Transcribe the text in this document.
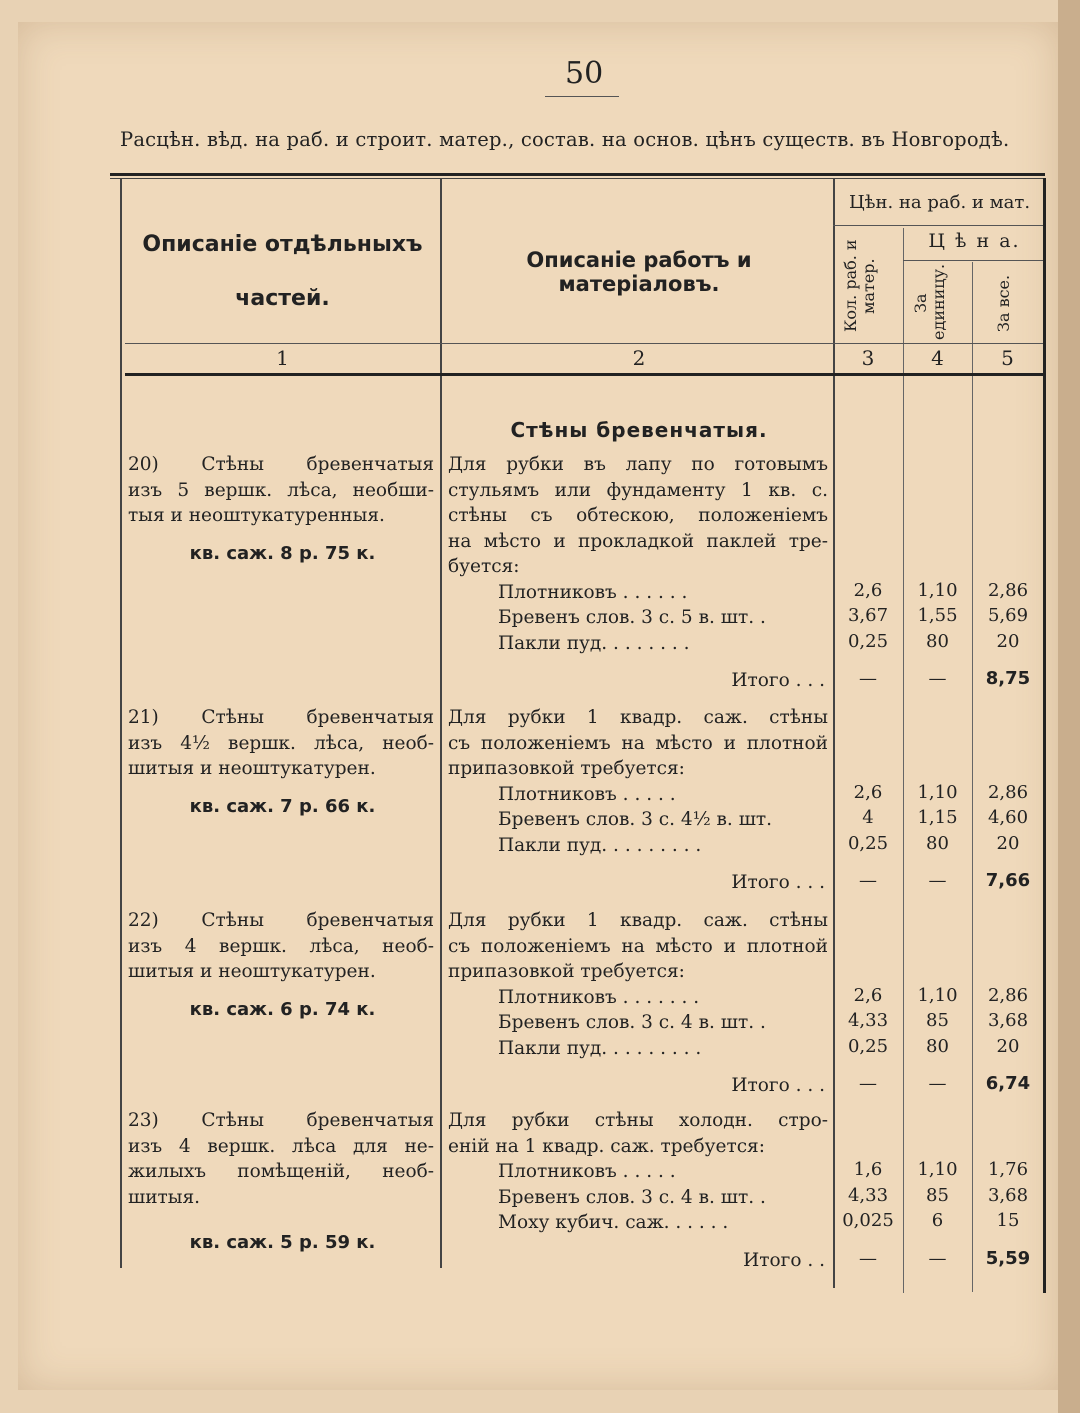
50
Расцѣн. вѣд. на раб. и строит. матер., состав. на основ. цѣнъ существ. въ Новгородѣ.
Описаніе отдѣльныхъ
частей.
Описаніе работъ и матеріаловъ.
Цѣн. на раб. и мат.
Ц ѣ н а.
Кол. раб. и матер.	За единицу.	За все.
1	2	3	4	5
Стѣны бревенчатыя.
20) Стѣны бревенчатыя
изъ 5 вершк. лѣса, необши-
тыя и неоштукатуренныя.
кв. саж. 8 р. 75 к.
Для рубки въ лапу по готовымъ
стульямъ или фундаменту 1 кв. с.
стѣны съ обтескою, положеніемъ
на мѣсто и прокладкой паклей тре-
буется:
Плотниковъ . . . . . .	2,6	1,10	2,86
Бревенъ слов. 3 с. 5 в. шт. .	3,67	1,55	5,69
Пакли пуд. . . . . . . .	0,25	80	20
Итого . . .	—	—	8,75
21) Стѣны бревенчатыя
изъ 4½ вершк. лѣса, необ-
шитыя и неоштукатурен.
кв. саж. 7 р. 66 к.
Для рубки 1 квадр. саж. стѣны
съ положеніемъ на мѣсто и плотной
припазовкой требуется:
Плотниковъ . . . . .	2,6	1,10	2,86
Бревенъ слов. 3 с. 4½ в. шт.	4	1,15	4,60
Пакли пуд. . . . . . . . .	0,25	80	20
Итого . . .	—	—	7,66
22) Стѣны бревенчатыя
изъ 4 вершк. лѣса, необ-
шитыя и неоштукатурен.
кв. саж. 6 р. 74 к.
Для рубки 1 квадр. саж. стѣны
съ положеніемъ на мѣсто и плотной
припазовкой требуется:
Плотниковъ . . . . . . .	2,6	1,10	2,86
Бревенъ слов. 3 с. 4 в. шт. .	4,33	85	3,68
Пакли пуд. . . . . . . . .	0,25	80	20
Итого . . .	—	—	6,74
23) Стѣны бревенчатыя
изъ 4 вершк. лѣса для не-
жилыхъ помѣщеній, необ-
шитыя.
кв. саж. 5 р. 59 к.
Для рубки стѣны холодн. стро-
еній на 1 квадр. саж. требуется:
Плотниковъ . . . . .	1,6	1,10	1,76
Бревенъ слов. 3 с. 4 в. шт. .	4,33	85	3,68
Моху кубич. саж. . . . . .	0,025	6	15
Итого . .	—	—	5,59
